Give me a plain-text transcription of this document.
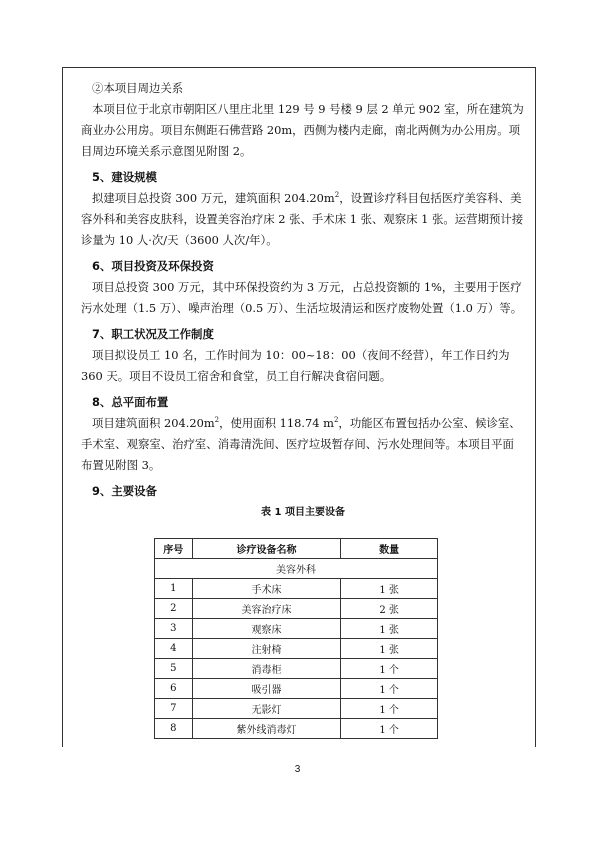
②本项目周边关系

本项目位于北京市朝阳区八里庄北里 129 号 9 号楼 9 层 2 单元 902 室，所在建筑为商业办公用房。项目东侧距石佛营路 20m，西侧为楼内走廊，南北两侧为办公用房。项目周边环境关系示意图见附图 2。

5、建设规模

拟建项目总投资 300 万元，建筑面积 $204.20m^2$，设置诊疗科目包括医疗美容科、美容外科和美容皮肤科，设置美容治疗床 2 张、手术床 1 张、观察床 1 张。运营期预计接诊量为 10 人·次/天（3600 人次/年）。

6、项目投资及环保投资

项目总投资 300 万元，其中环保投资约为 3 万元，占总投资额的 1%，主要用于医疗污水处理（1.5 万）、噪声治理（0.5 万）、生活垃圾清运和医疗废物处置（1.0 万）等。

7、职工状况及工作制度

项目拟设员工 10 名，工作时间为 10：00~18：00（夜间不经营），年工作日约为 360 天。项目不设员工宿舍和食堂，员工自行解决食宿问题。

8、总平面布置

项目建筑面积 $204.20m^2$，使用面积 118.74 $m^2$，功能区布置包括办公室、候诊室、手术室、观察室、治疗室、消毒清洗间、医疗垃圾暂存间、污水处理间等。本项目平面布置见附图 3。

9、主要设备

表 1 项目主要设备

序号	诊疗设备名称	数量
美容外科		
1	手术床	1 张
2	美容治疗床	2 张
3	观察床	1 张
4	注射椅	1 张
5	消毒柜	1 个
6	吸引器	1 个
7	无影灯	1 个
8	紫外线消毒灯	1 个
3
